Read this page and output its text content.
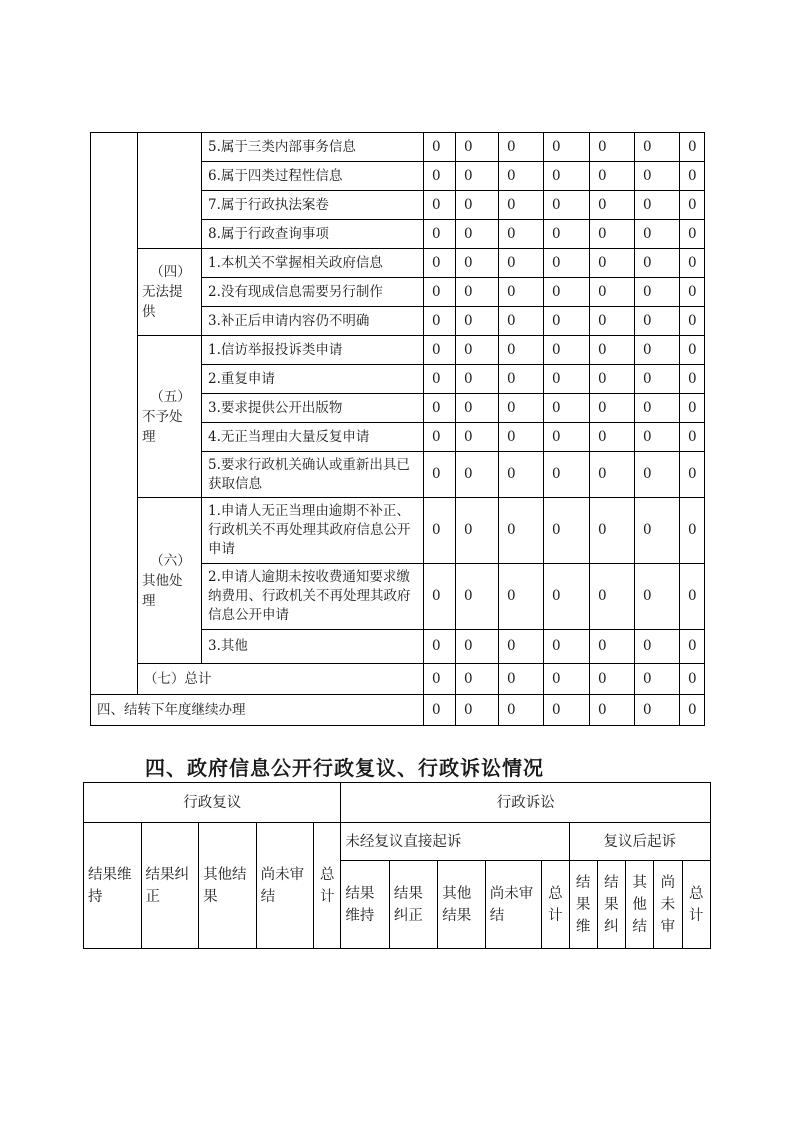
		5.属于三类内部事务信息	0	0	0	0	0	0	0
		6.属于四类过程性信息	0	0	0	0	0	0	0
		7.属于行政执法案卷	0	0	0	0	0	0	0
		8.属于行政查询事项	0	0	0	0	0	0	0

	（四）
无法提
供	1.本机关不掌握相关政府信息	0	0	0	0	0	0	0
		2.没有现成信息需要另行制作	0	0	0	0	0	0	0
		3.补正后申请内容仍不明确	0	0	0	0	0	0	0

	（五）
不予处
理	1.信访举报投诉类申请	0	0	0	0	0	0	0
		2.重复申请	0	0	0	0	0	0	0
		3.要求提供公开出版物	0	0	0	0	0	0	0
		4.无正当理由大量反复申请	0	0	0	0	0	0	0
		5.要求行政机关确认或重新出具已获取信息	0	0	0	0	0	0	0

	（六）
其他处
理	1.申请人无正当理由逾期不补正、行政机关不再处理其政府信息公开申请	0	0	0	0	0	0	0
		2.申请人逾期未按收费通知要求缴纳费用、行政机关不再处理其政府信息公开申请	0	0	0	0	0	0	0
		3.其他	0	0	0	0	0	0	0
	（七）总计		0	0	0	0	0	0	0
四、结转下年度继续办理			0	0	0	0	0	0	0
四、政府信息公开行政复议、行政诉讼情况
行政复议					行政诉讼									
结果维持	结果纠正	其他结果	尚未审结	总计	未经复议直接起诉					复议后起诉				
					结果维持	结果纠正	其他结果	尚未审结	总计	结果维	结果纠	其他结	尚未审	总计
